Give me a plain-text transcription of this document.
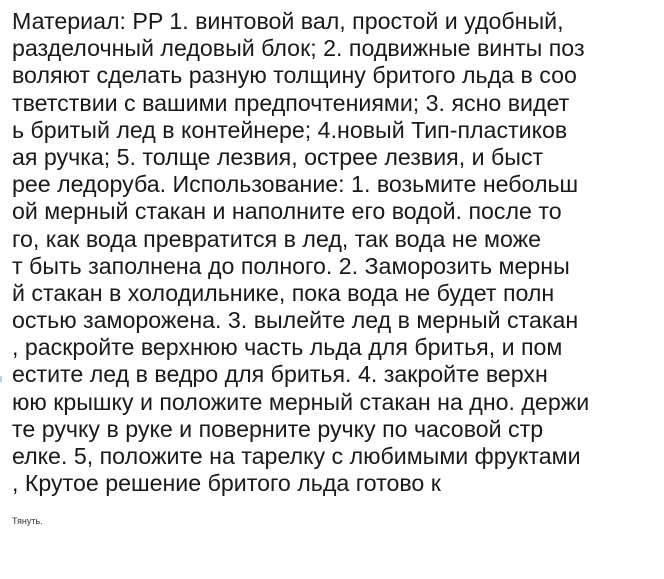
Материал: PP 1. винтовой вал, простой и удобный,
разделочный ледовый блок; 2. подвижные винты поз
воляют сделать разную толщину бритого льда в соо
тветствии с вашими предпочтениями; 3. ясно видет
ь бритый лед в контейнере; 4.новый Тип-пластиков
ая ручка; 5. толще лезвия, острее лезвия, и быст
рее ледоруба. Использование: 1. возьмите небольш
ой мерный стакан и наполните его водой. после то
го, как вода превратится в лед, так вода не може
т быть заполнена до полного. 2. Заморозить мерны
й стакан в холодильнике, пока вода не будет полн
остью заморожена. 3. вылейте лед в мерный стакан
, раскройте верхнюю часть льда для бритья, и пом
естите лед в ведро для бритья. 4. закройте верхн
юю крышку и положите мерный стакан на дно. держи
те ручку в руке и поверните ручку по часовой стр
елке. 5, положите на тарелку с любимыми фруктами
, Крутое решение бритого льда готово к
Тянуть.
